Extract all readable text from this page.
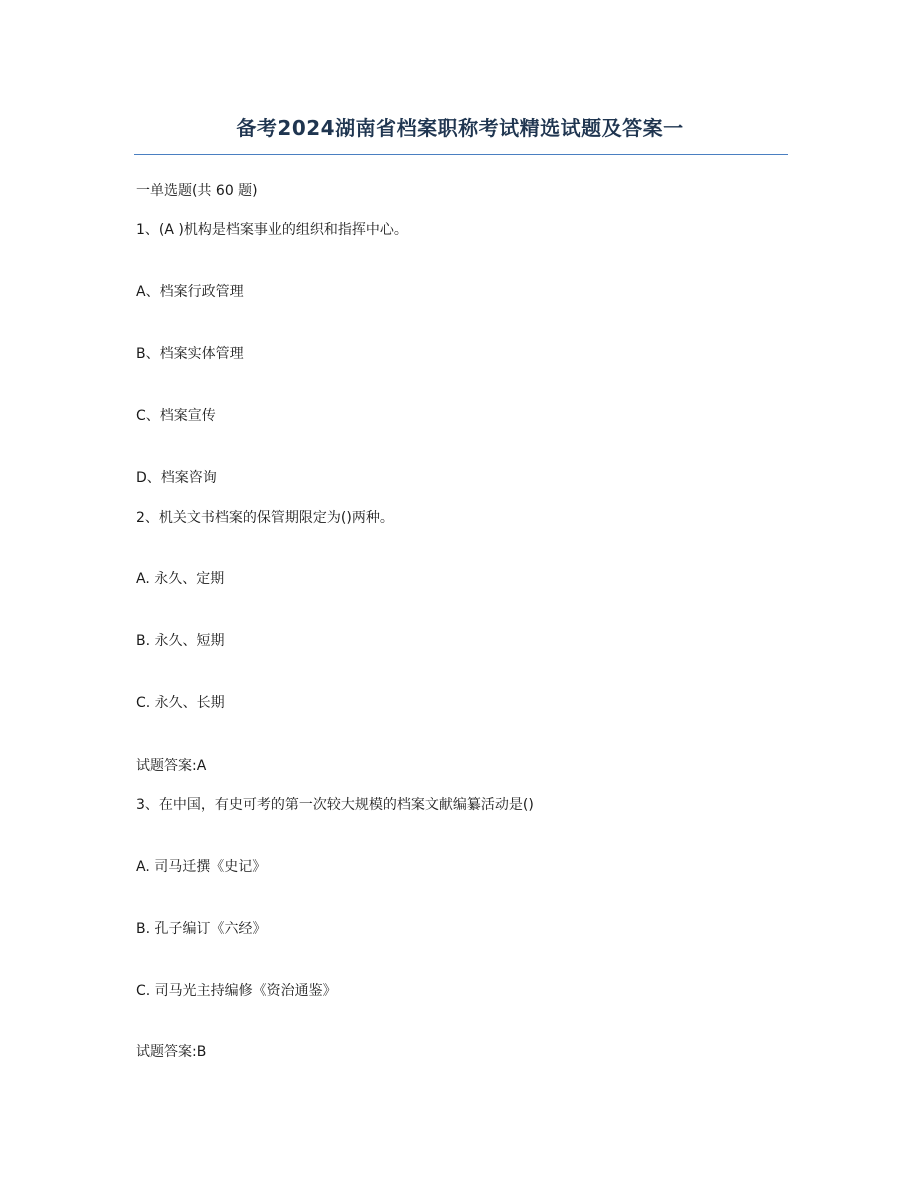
备考2024湖南省档案职称考试精选试题及答案一
一单选题(共 60 题)
1、(A )机构是档案事业的组织和指挥中心。
A、档案行政管理
B、档案实体管理
C、档案宣传
D、档案咨询
2、机关文书档案的保管期限定为()两种。
A. 永久、定期
B. 永久、短期
C. 永久、长期
试题答案:A
3、在中国，有史可考的第一次较大规模的档案文献编纂活动是()
A. 司马迁撰《史记》
B. 孔子编订《六经》
C. 司马光主持编修《资治通鉴》
试题答案:B
